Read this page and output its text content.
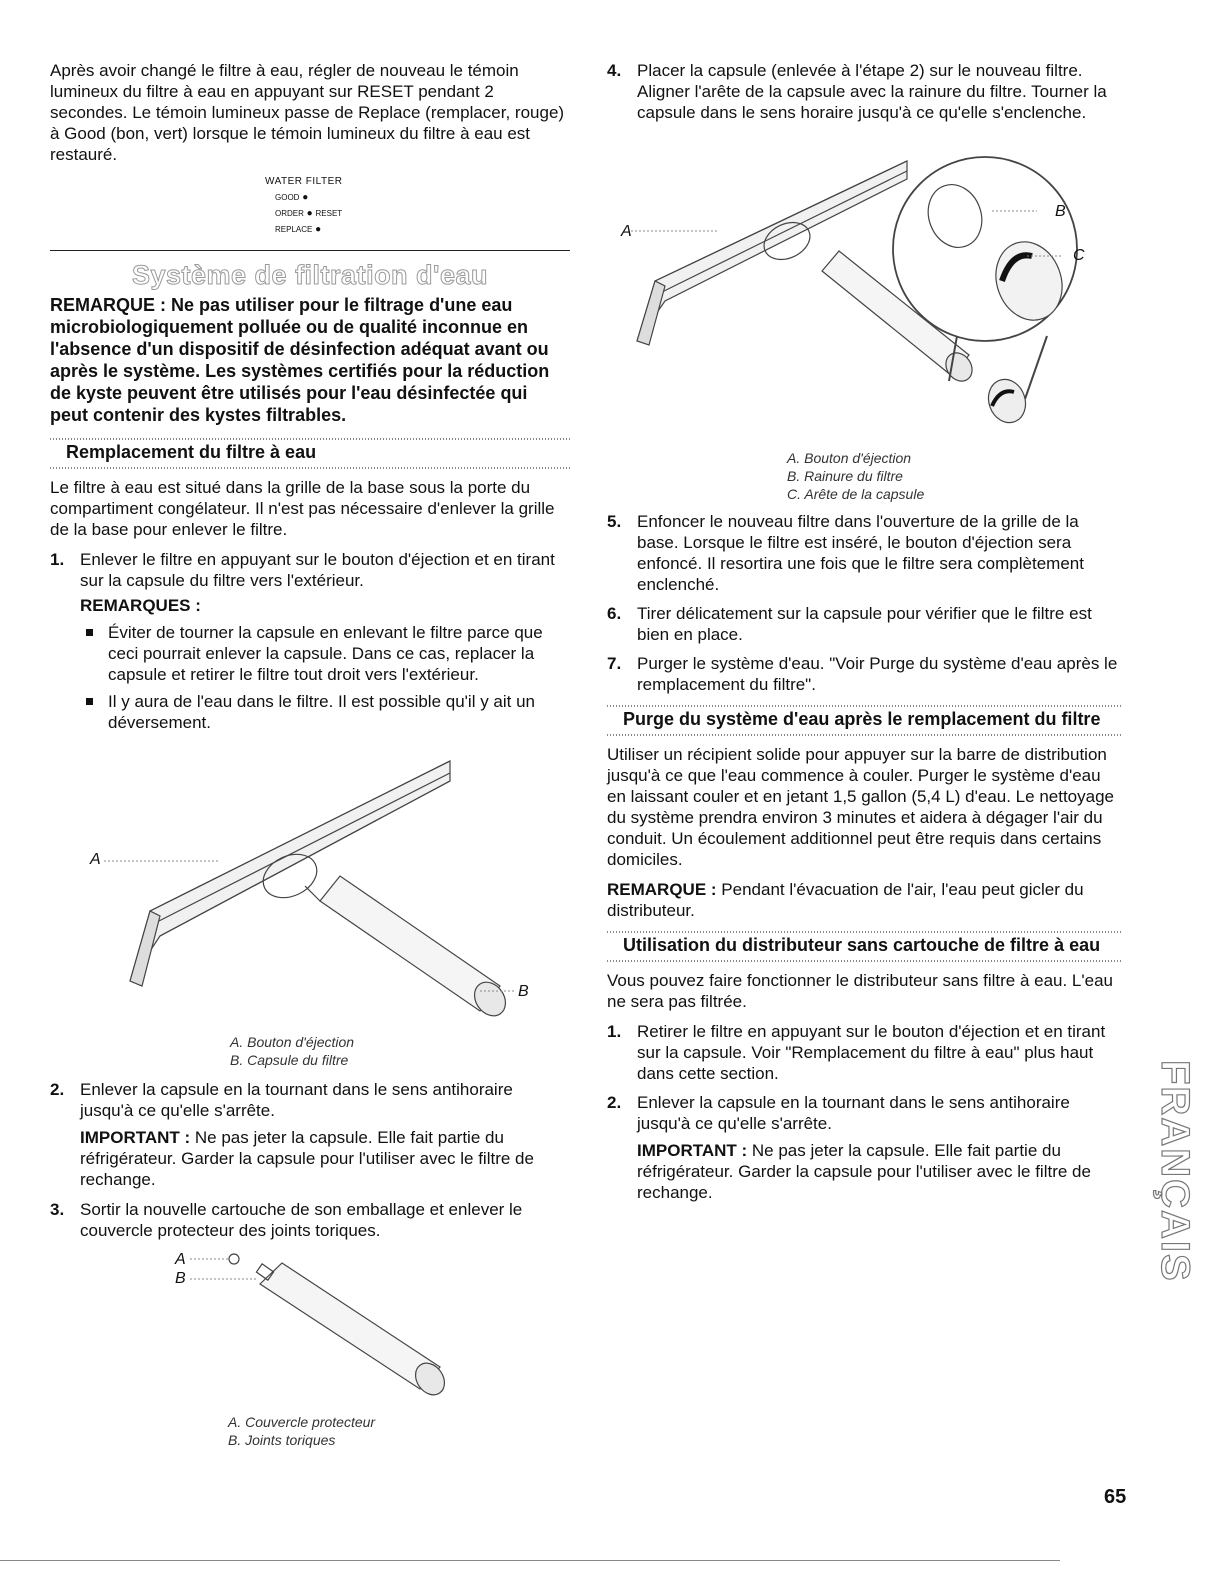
Après avoir changé le filtre à eau, régler de nouveau le témoin lumineux du filtre à eau en appuyant sur RESET pendant 2 secondes. Le témoin lumineux passe de Replace (remplacer, rouge) à Good (bon, vert) lorsque le témoin lumineux du filtre à eau est restauré.

WATER FILTER
GOOD ●
ORDER ● RESET
REPLACE ●
Système de filtration d'eau

REMARQUE : Ne pas utiliser pour le filtrage d'une eau microbiologiquement polluée ou de qualité inconnue en l'absence d'un dispositif de désinfection adéquat avant ou après le système. Les systèmes certifiés pour la réduction de kyste peuvent être utilisés pour l'eau désinfectée qui peut contenir des kystes filtrables.

Remplacement du filtre à eau

Le filtre à eau est situé dans la grille de la base sous la porte du compartiment congélateur. Il n'est pas nécessaire d'enlever la grille de la base pour enlever le filtre.

1. Enlever le filtre en appuyant sur le bouton d'éjection et en tirant sur la capsule du filtre vers l'extérieur.
REMARQUES :
Éviter de tourner la capsule en enlevant le filtre parce que ceci pourrait enlever la capsule. Dans ce cas, replacer la capsule et retirer le filtre tout droit vers l'extérieur.
Il y aura de l'eau dans le filtre. Il est possible qu'il y ait un déversement.
A
B
A. Bouton d'éjection
B. Capsule du filtre
2. Enlever la capsule en la tournant dans le sens antihoraire jusqu'à ce qu'elle s'arrête.

IMPORTANT : Ne pas jeter la capsule. Elle fait partie du réfrigérateur. Garder la capsule pour l'utiliser avec le filtre de rechange.

3. Sortir la nouvelle cartouche de son emballage et enlever le couvercle protecteur des joints toriques.
A
B
A. Couvercle protecteur
B. Joints toriques
4. Placer la capsule (enlevée à l'étape 2) sur le nouveau filtre. Aligner l'arête de la capsule avec la rainure du filtre. Tourner la capsule dans le sens horaire jusqu'à ce qu'elle s'enclenche.
A
B
C
A. Bouton d'éjection
B. Rainure du filtre
C. Arête de la capsule
5. Enfoncer le nouveau filtre dans l'ouverture de la grille de la base. Lorsque le filtre est inséré, le bouton d'éjection sera enfoncé. Il resortira une fois que le filtre sera complètement enclenché.
6. Tirer délicatement sur la capsule pour vérifier que le filtre est bien en place.
7. Purger le système d'eau. "Voir Purge du système d'eau après le remplacement du filtre".
Purge du système d'eau après le remplacement du filtre

Utiliser un récipient solide pour appuyer sur la barre de distribution jusqu'à ce que l'eau commence à couler. Purger le système d'eau en laissant couler et en jetant 1,5 gallon (5,4 L) d'eau. Le nettoyage du système prendra environ 3 minutes et aidera à dégager l'air du conduit. Un écoulement additionnel peut être requis dans certains domiciles.

REMARQUE : Pendant l'évacuation de l'air, l'eau peut gicler du distributeur.

Utilisation du distributeur sans cartouche de filtre à eau

Vous pouvez faire fonctionner le distributeur sans filtre à eau. L'eau ne sera pas filtrée.

1. Retirer le filtre en appuyant sur le bouton d'éjection et en tirant sur la capsule. Voir "Remplacement du filtre à eau" plus haut dans cette section.
2. Enlever la capsule en la tournant dans le sens antihoraire jusqu'à ce qu'elle s'arrête.

IMPORTANT : Ne pas jeter la capsule. Elle fait partie du réfrigérateur. Garder la capsule pour l'utiliser avec le filtre de rechange.	FRANÇAIS
65
